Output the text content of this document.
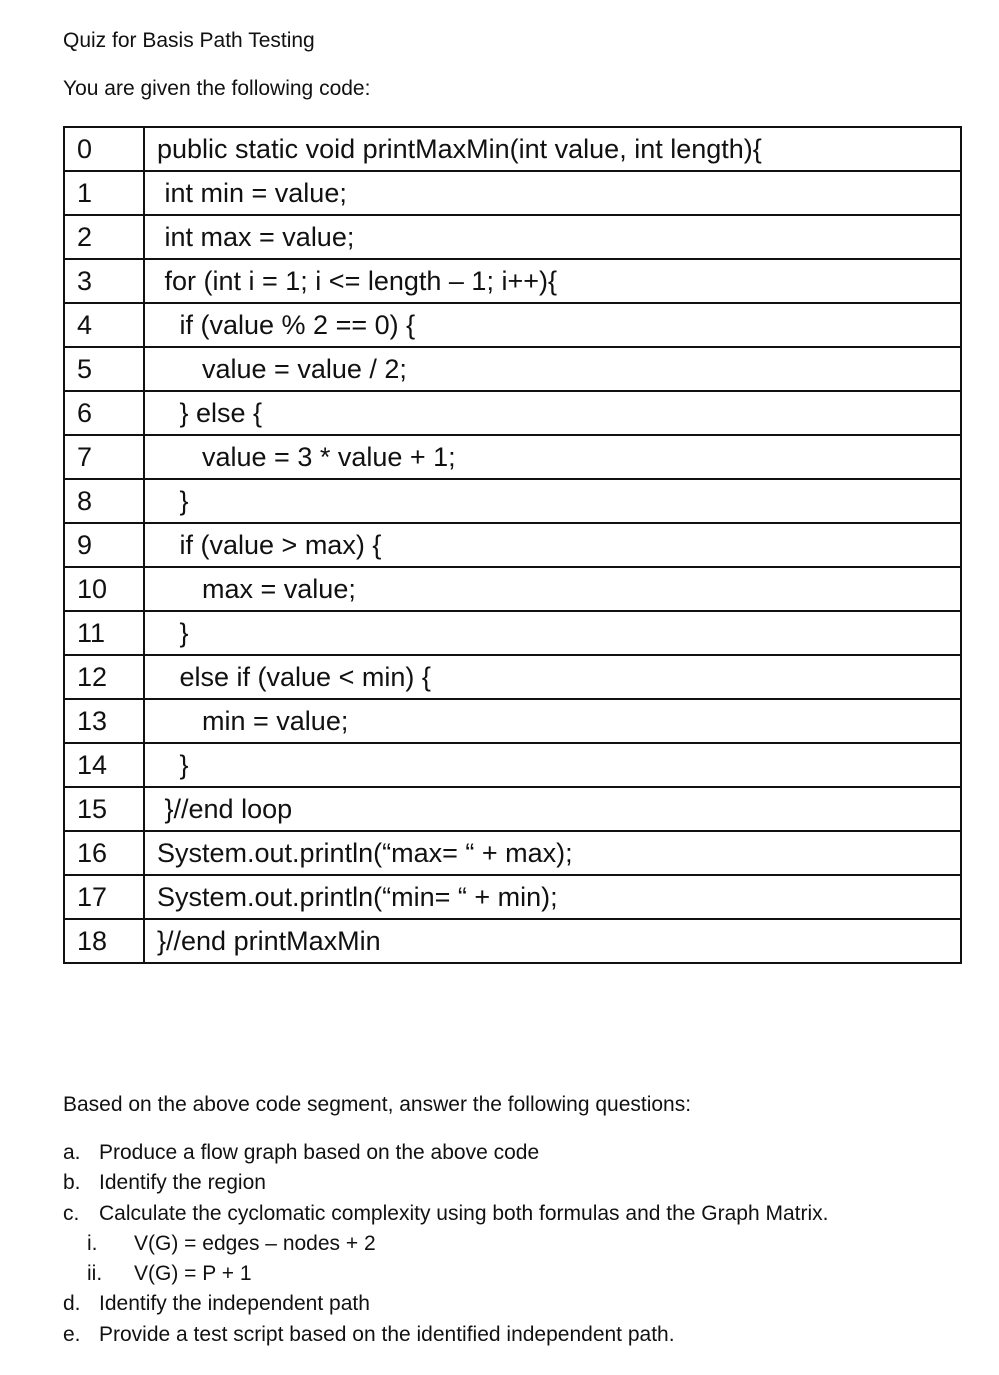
Quiz for Basis Path Testing
You are given the following code:
0	public static void printMaxMin(int value, int length){
1	int min = value;
2	int max = value;
3	for (int i = 1; i <= length – 1; i++){
4	if (value % 2 == 0) {
5	value = value / 2;
6	} else {
7	value = 3 * value + 1;
8	}
9	if (value > max) {
10	max = value;
11	}
12	else if (value < min) {
13	min = value;
14	}
15	}//end loop
16	System.out.println(“max= “ + max);
17	System.out.println(“min= “ + min);
18	}//end printMaxMin
Based on the above code segment, answer the following questions:
a. Produce a flow graph based on the above code
b. Identify the region
c. Calculate the cyclomatic complexity using both formulas and the Graph Matrix.
i. V(G) = edges – nodes + 2
ii. V(G) = P + 1
d. Identify the independent path
e. Provide a test script based on the identified independent path.
